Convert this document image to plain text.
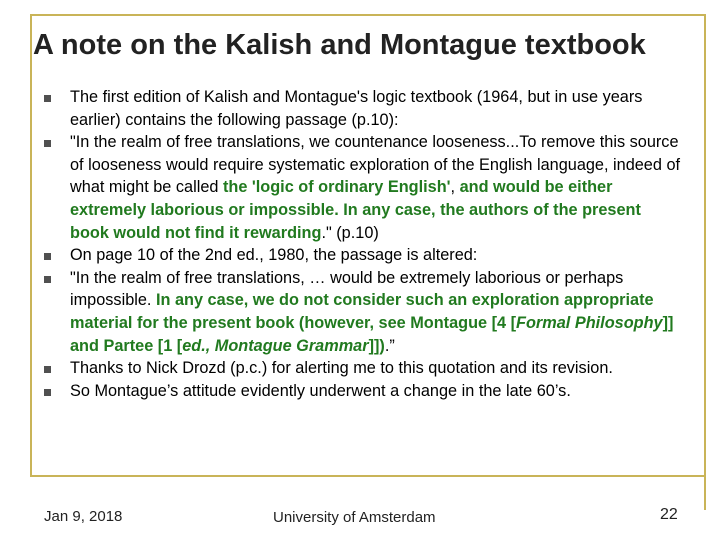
A note on the Kalish and Montague textbook
The first edition of Kalish and Montague's logic textbook (1964, but in use years earlier) contains the following passage (p.10):
"In the realm of free translations, we countenance looseness...To remove this source of looseness would require systematic exploration of the English language, indeed of what might be called the 'logic of ordinary English', and would be either extremely laborious or impossible. In any case, the authors of the present book would not find it rewarding." (p.10)
On page 10 of the 2nd ed., 1980, the passage is altered:
"In the realm of free translations, … would be extremely laborious or perhaps impossible. In any case, we do not consider such an exploration appropriate material for the present book (however, see Montague [4 [Formal Philosophy]] and Partee [1 [ed., Montague Grammar]]).”
Thanks to Nick Drozd (p.c.) for alerting me to this quotation and its revision.
So Montague’s attitude evidently underwent a change in the late 60’s.
Jan 9, 2018	University of Amsterdam	22
